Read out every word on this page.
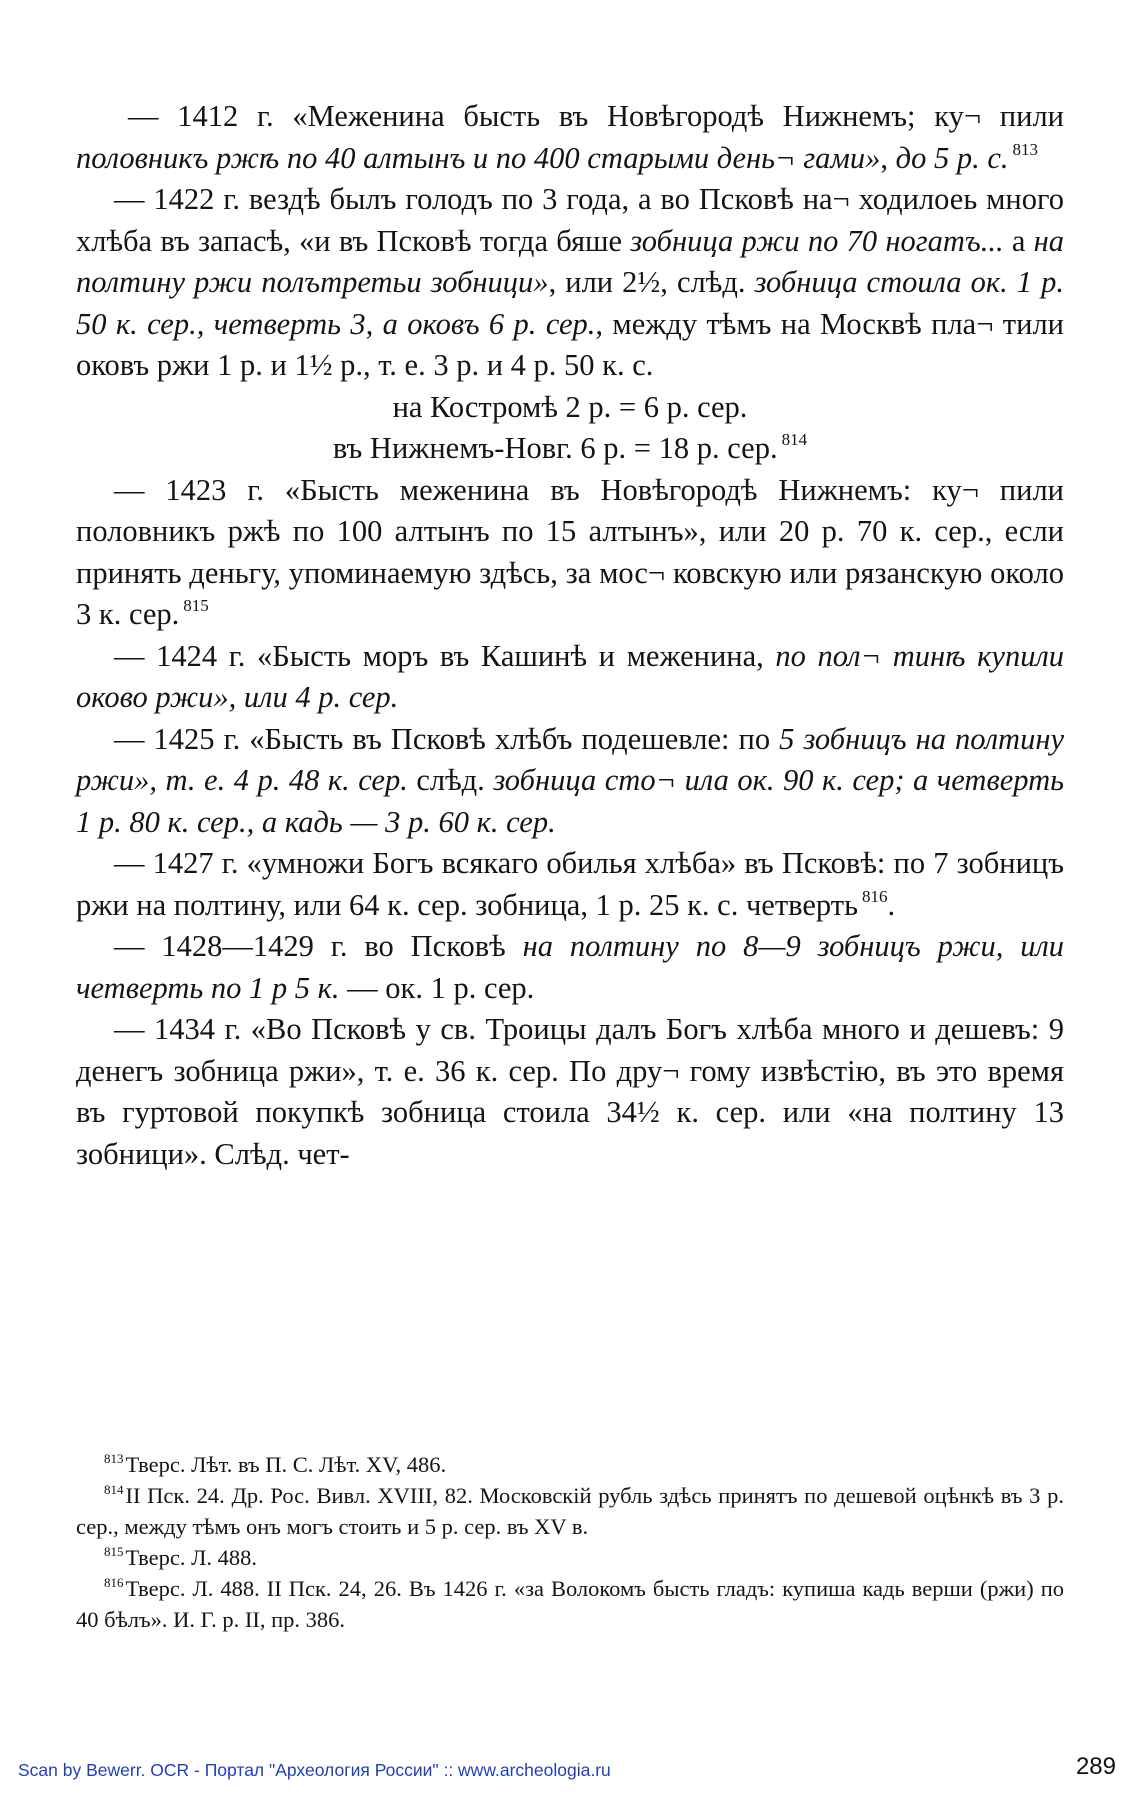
— 1412 г. «Меженина бысть въ Новѣгородѣ Нижнемъ; ку¬ пили половникъ ржѣ по 40 алтынъ и по 400 старыми день¬ гами», до 5 р. с. $^{813}$

— 1422 г. вездѣ былъ голодъ по 3 года, а во Псковѣ на¬ ходилоеь много хлѣба въ запасѣ, «и въ Псковѣ тогда бяше зобница ржи по 70 ногатъ... а на полтину ржи полътретьи зобници», или 2½, слѣд. зобница стоила ок. 1 р. 50 к. сер., четверть 3, а оковъ 6 р. сер., между тѣмъ на Москвѣ пла¬ тили оковъ ржи 1 р. и 1½ р., т. е. 3 р. и 4 р. 50 к. с.

на Костромѣ 2 р. = 6 р. сер.

въ Нижнемъ-Новг. 6 р. = 18 р. сер. $^{814}$

— 1423 г. «Бысть меженина въ Новѣгородѣ Нижнемъ: ку¬ пили половникъ ржѣ по 100 алтынъ по 15 алтынъ», или 20 р. 70 к. сер., если принять деньгу, упоминаемую здѣсь, за мос¬ ковскую или рязанскую около 3 к. сер. $^{815}$

— 1424 г. «Бысть моръ въ Кашинѣ и меженина, по пол¬ тинѣ купили оково ржи», или 4 р. сер.

— 1425 г. «Бысть въ Псковѣ хлѣбъ подешевле: по 5 зобницъ на полтину ржи», т. е. 4 р. 48 к. сер. слѣд. зобница сто¬ ила ок. 90 к. сер; а четверть 1 р. 80 к. сер., а кадь — 3 р. 60 к. сер.

— 1427 г. «умножи Богъ всякаго обилья хлѣба» въ Псковѣ: по 7 зобницъ ржи на полтину, или 64 к. сер. зобница, 1 р. 25 к. с. четверть $^{816}$.

— 1428—1429 г. во Псковѣ на полтину по 8—9 зобницъ ржи, или четверть по 1 р 5 к. — ок. 1 р. сер.

— 1434 г. «Во Псковѣ у св. Троицы далъ Богъ хлѣба много и дешевъ: 9 денегъ зобница ржи», т. е. 36 к. сер. По дру¬ гому извѣстiю, въ это время въ гуртовой покупкѣ зобница стоила 34½ к. сер. или «на полтину 13 зобници». Слѣд. чет-

$^{813}$Тверс. Лѣт. въ П. С. Лѣт. XV, 486.

$^{814}$II Пск. 24. Др. Рос. Вивл. XVIII, 82. Московскiй рубль здѣсь принятъ по дешевой оцѣнкѣ въ 3 р. сер., между тѣмъ онъ могъ стоить и 5 р. сер. въ XV в.

$^{815}$Тверс. Л. 488.

$^{816}$Тверс. Л. 488. II Пск. 24, 26. Въ 1426 г. «за Волокомъ бысть гладъ: купиша кадь верши (ржи) по 40 бѣлъ». И. Г. р. II, пр. 386.

Scan by Bewerr. OCR - Портал "Археология России" :: www.archeologia.ru	289
